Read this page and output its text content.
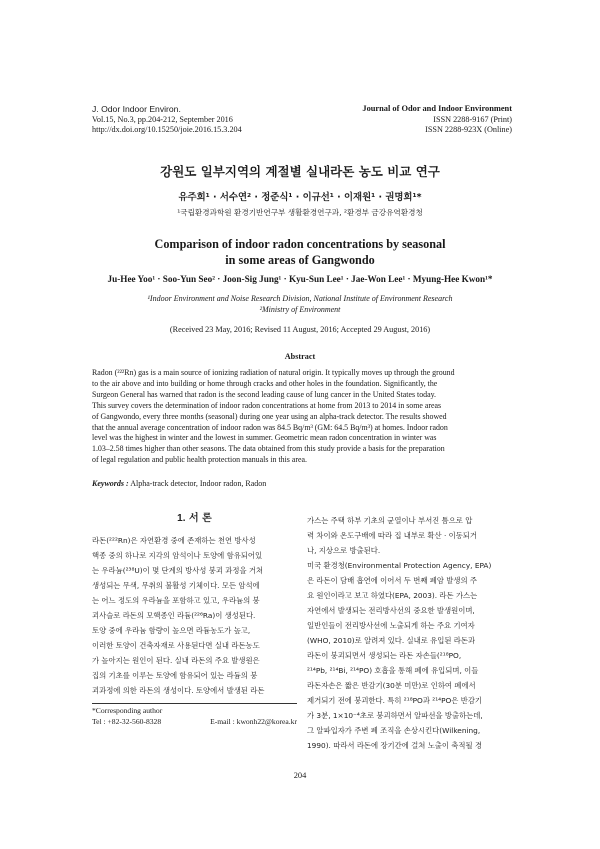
J. Odor Indoor Environ.
Vol.15, No.3, pp.204-212, September 2016
http://dx.doi.org/10.15250/joie.2016.15.3.204
Journal of Odor and Indoor Environment
ISSN 2288-9167 (Print)
ISSN 2288-923X (Online)
강원도 일부지역의 계절별 실내라돈 농도 비교 연구
유주희¹ · 서수연² · 정준식¹ · 이규선¹ · 이재원¹ · 권명희¹*
¹국립환경과학원 환경기반연구부 생활환경연구과, ²환경부 금강유역환경청
Comparison of indoor radon concentrations by seasonal
in some areas of Gangwondo
Ju-Hee Yoo¹ · Soo-Yun Seo² · Joon-Sig Jung¹ · Kyu-Sun Lee¹ · Jae-Won Lee¹ · Myung-Hee Kwon¹*
¹Indoor Environment and Noise Research Division, National Institute of Environment Research
²Ministry of Environment
(Received 23 May, 2016; Revised 11 August, 2016; Accepted 29 August, 2016)
Abstract
Radon (²²²Rn) gas is a main source of ionizing radiation of natural origin. It typically moves up through the ground
to the air above and into building or home through cracks and other holes in the foundation. Significantly, the
Surgeon General has warned that radon is the second leading cause of lung cancer in the United States today.
This survey covers the determination of indoor radon concentrations at home from 2013 to 2014 in some areas
of Gangwondo, every three months (seasonal) during one year using an alpha-track detector. The results showed
that the annual average concentration of indoor radon was 84.5 Bq/m³ (GM: 64.5 Bq/m³) at homes. Indoor radon
level was the highest in winter and the lowest in summer. Geometric mean radon concentration in winter was
1.03–2.58 times higher than other seasons. The data obtained from this study provide a basis for the preparation
of legal regulation and public health protection manuals in this area.
Keywords : Alpha-track detector, Indoor radon, Radon
1. 서 론
라돈(²²²Rn)은 자연환경 중에 존재하는 천연 방사성
핵종 중의 하나로 지각의 암석이나 토양에 함유되어있
는 우라늄(²³⁸U)이 몇 단계의 방사성 붕괴 과정을 거쳐
생성되는 무색, 무취의 불활성 기체이다. 모든 암석에
는 어느 정도의 우라늄을 포함하고 있고, 우라늄의 붕
괴사슬로 라돈의 모핵종인 라듐(²²⁶Ra)이 생성된다.
토양 중에 우라늄 함량이 높으면 라듐농도가 높고,
이러한 토양이 건축자재로 사용된다면 실내 라돈농도
가 높아지는 원인이 된다. 실내 라돈의 주요 발생원은
집의 기초를 이루는 토양에 함유되어 있는 라듐의 붕
괴과정에 의한 라돈의 생성이다. 토양에서 발생된 라돈
가스는 주택 하부 기초의 균열이나 부서진 틈으로 압
력 차이와 온도구배에 따라 집 내부로 확산 · 이동되거
나, 지상으로 방출된다.
미국 환경청(Environmental Protection Agency, EPA)
은 라돈이 담배 흡연에 이어서 두 번째 폐암 발생의 주
요 원인이라고 보고 하였다(EPA, 2003). 라돈 가스는
자연에서 발생되는 전리방사선의 중요한 발생원이며,
일반인들이 전리방사선에 노출되게 하는 주요 기여자
(WHO, 2010)로 알려져 있다. 실내로 유입된 라돈과
라돈이 붕괴되면서 생성되는 라돈 자손들(²¹⁸PO,
²¹⁴Pb, ²¹⁴Bi, ²¹⁴PO) 호흡을 통해 폐에 유입되며, 이들
라돈자손은 짧은 반감기(30분 미만)로 인하여 폐에서
제거되기 전에 붕괴한다. 특히 ²¹⁸PO과 ²¹⁴PO은 반감기
가 3분, 1×10⁻⁴초로 붕괴하면서 알파선을 방출하는데,
그 알파입자가 주변 폐 조직을 손상시킨다(Wilkening,
1990). 따라서 라돈에 장기간에 걸쳐 노출이 축적될 경
*Corresponding author
Tel : +82-32-560-8328	E-mail : kwonh22@korea.kr
204
